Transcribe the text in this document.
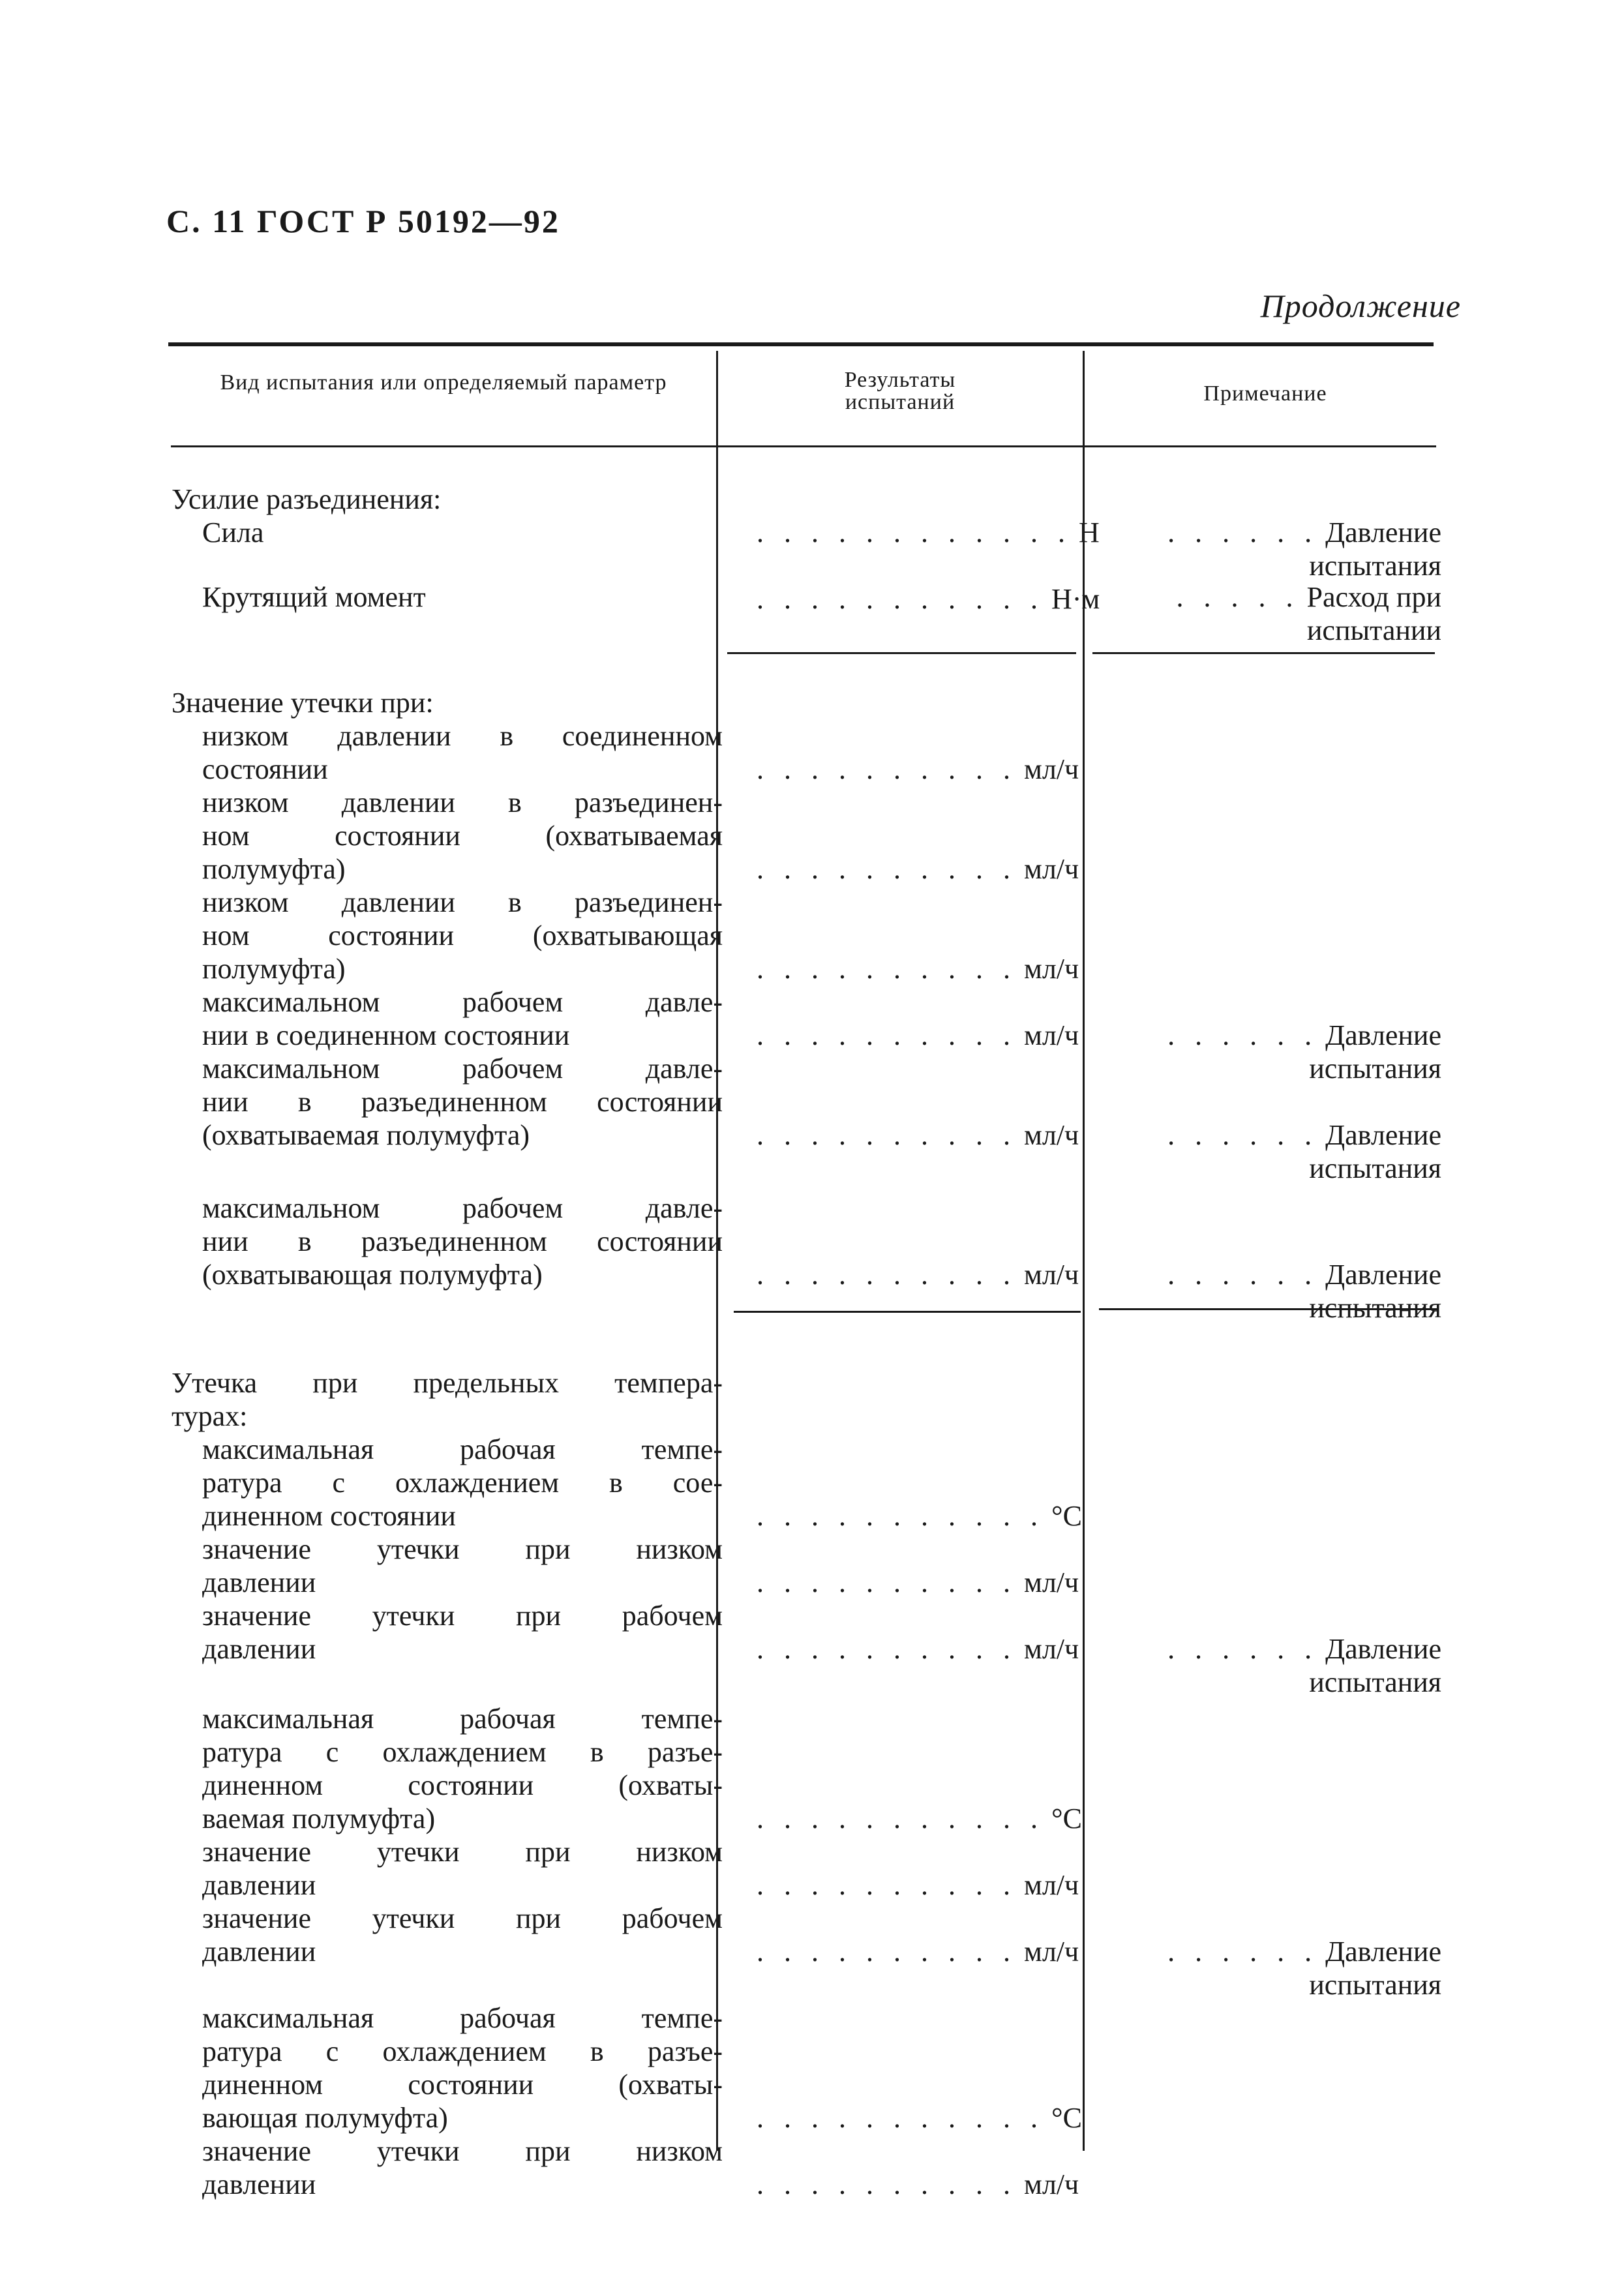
С. 11 ГОСТ Р 50192—92
Продолжение
Вид испытания или определяемый параметр	Результаты испытаний	Примечание
Усилие разъединения:
Сила	. . . . . . . . . . . . Н	. . . . . . Давление
испытания
Крутящий момент	. . . . . . . . . . . Н·м	. . . . . Расход при
испытании
Значение утечки при:
низком давлении в соединенном
состоянии	. . . . . . . . . . мл/ч
низком давлении в разъединен-
ном состоянии (охватываемая
полумуфта)	. . . . . . . . . . мл/ч
низком давлении в разъединен-
ном состоянии (охватывающая
полумуфта)	. . . . . . . . . . мл/ч
максимальном рабочем давле-
нии в соединенном состоянии	. . . . . . . . . . мл/ч	. . . . . . Давление
испытания
максимальном рабочем давле-
нии в разъединенном состоянии
(охватываемая полумуфта)	. . . . . . . . . . мл/ч	. . . . . . Давление
испытания
максимальном рабочем давле-
нии в разъединенном состоянии
(охватывающая полумуфта)	. . . . . . . . . . мл/ч	. . . . . . Давление
испытания
Утечка при предельных темпера-
турах:
максимальная рабочая темпе-
ратура с охлаждением в сое-
диненном состоянии	. . . . . . . . . . . °C
значение утечки при низком
давлении	. . . . . . . . . . мл/ч
значение утечки при рабочем
давлении	. . . . . . . . . . мл/ч	. . . . . . Давление
испытания
максимальная рабочая темпе-
ратура с охлаждением в разъе-
диненном состоянии (охваты-
ваемая полумуфта)	. . . . . . . . . . . °C
значение утечки при низком
давлении	. . . . . . . . . . мл/ч
значение утечки при рабочем
давлении	. . . . . . . . . . мл/ч	. . . . . . Давление
испытания
максимальная рабочая темпе-
ратура с охлаждением в разъе-
диненном состоянии (охваты-
вающая полумуфта)	. . . . . . . . . . . °C
значение утечки при низком
давлении	. . . . . . . . . . мл/ч
